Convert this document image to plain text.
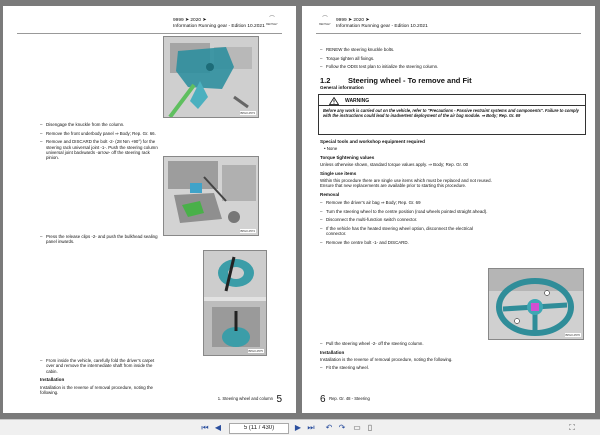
9999 ➤ 2020 ➤
Information Running gear - Edition 10.2021
⌒
BENTLEY
BPH0-0573
– Disengage the knuckle from the column.
– Remove the front underbody panel ⇒ Body; Rep. Gr. 66.
– Remove and DISCARD the bolt -2- (28 Nm +90°) for the steering rack universal joint -1-. Push the steering column universal joint backwards -arrow- off the steering rack pinion.
BPH0-0574
– Press the release clips -2- and push the bulkhead sealing panel inwards.
BPH0-0575
– From inside the vehicle, carefully fold the driver's carpet over and remove the intermediate shaft from inside the cabin.
Installation
Installation is the reverse of removal procedure, noting the following.
1. Steering wheel and column 5
⌒
BENTLEY
9999 ➤ 2020 ➤
Information Running gear - Edition 10.2021
– RENEW the steering knuckle bolts.
– Torque tighten all fixings.
– Follow the ODIS test plan to initialize the steering column.
1.2 Steering wheel - To remove and Fit
General information
WARNING
Before any work is carried out on the vehicle, refer to "Precautions - Passive restraint systems and components". Failure to comply with the instructions could lead to inadvertent deployment of the air bag module. ⇒ Body; Rep. Gr. 69
Special tools and workshop equipment required
• None
Torque tightening values
Unless otherwise shown, standard torque values apply. ⇒ Body; Rep. Gr. 00
Single use items
Within this procedure there are single use items which must be replaced and not reused. Ensure that new replacements are available prior to starting this procedure.
Removal
– Remove the driver's air bag ⇒ Body; Rep. Gr. 69
– Turn the steering wheel to the centre position (road wheels pointed straight ahead).
– Disconnect the multi-function switch connector.
– If the vehicle has the heated steering wheel option, disconnect the electrical connector.
– Remove the centre bolt -1- and DISCARD.
BPH0-0576
– Pull the steering wheel -2- off the steering column.
Installation
Installation is the reverse of removal procedure, noting the following.
– Fit the steering wheel.
6 Rep. Gr. 48 - Steering
⏮ ◀
5 (11 / 430)	▶ ⏭ ↶ ↷ ▭ ▯	⛶
